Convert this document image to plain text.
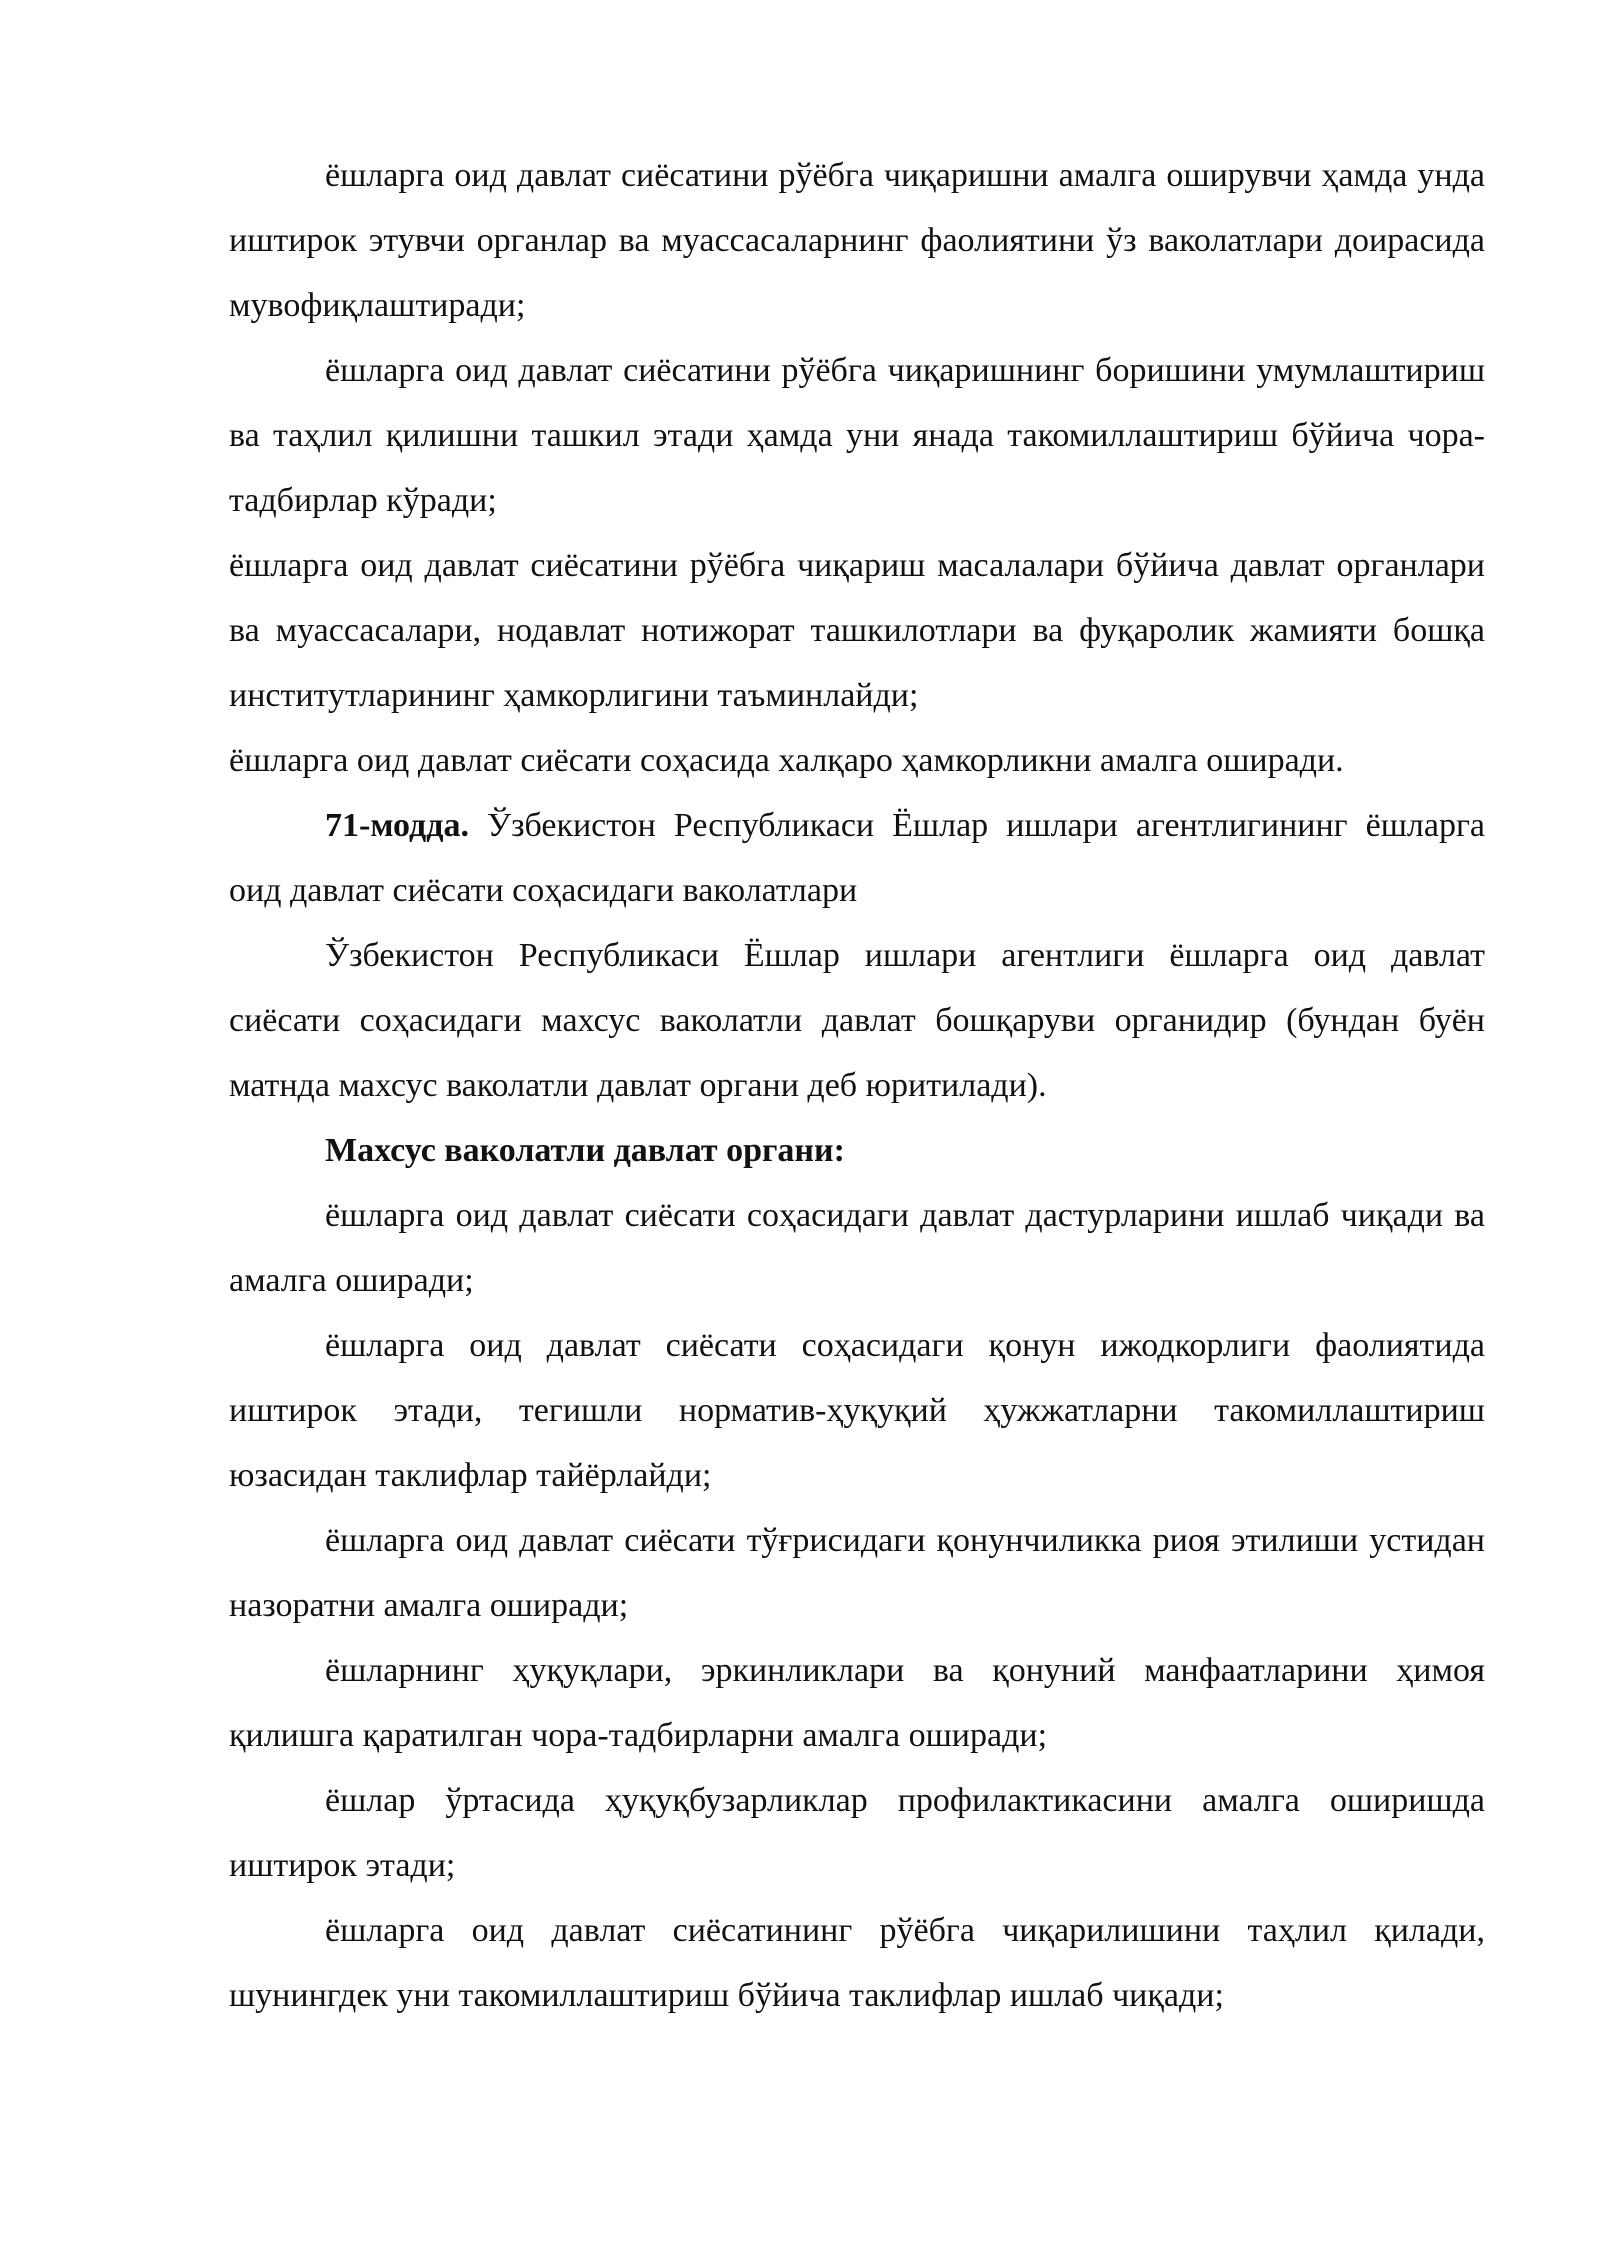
ёшларга оид давлат сиёсатини рўёбга чиқаришни амалга оширувчи ҳамда унда иштирок этувчи органлар ва муассасаларнинг фаолиятини ўз ваколатлари доирасида мувофиқлаштиради;

ёшларга оид давлат сиёсатини рўёбга чиқаришнинг боришини умумлаштириш ва таҳлил қилишни ташкил этади ҳамда уни янада такомиллаштириш бўйича чора-тадбирлар кўради;

ёшларга оид давлат сиёсатини рўёбга чиқариш масалалари бўйича давлат органлари ва муассасалари, нодавлат нотижорат ташкилотлари ва фуқаролик жамияти бошқа институтларининг ҳамкорлигини таъминлайди;

ёшларга оид давлат сиёсати соҳасида халқаро ҳамкорликни амалга оширади.

71-модда. Ўзбекистон Республикаси Ёшлар ишлари агентлигининг ёшларга оид давлат сиёсати соҳасидаги ваколатлари

Ўзбекистон Республикаси Ёшлар ишлари агентлиги ёшларга оид давлат сиёсати соҳасидаги махсус ваколатли давлат бошқаруви органидир (бундан буён матнда махсус ваколатли давлат органи деб юритилади).

Махсус ваколатли давлат органи:

ёшларга оид давлат сиёсати соҳасидаги давлат дастурларини ишлаб чиқади ва амалга оширади;

ёшларга оид давлат сиёсати соҳасидаги қонун ижодкорлиги фаолиятида иштирок этади, тегишли норматив-ҳуқуқий ҳужжатларни такомиллаштириш юзасидан таклифлар тайёрлайди;

ёшларга оид давлат сиёсати тўғрисидаги қонунчиликка риоя этилиши устидан назоратни амалга оширади;

ёшларнинг ҳуқуқлари, эркинликлари ва қонуний манфаатларини ҳимоя қилишга қаратилган чора-тадбирларни амалга оширади;

ёшлар ўртасида ҳуқуқбузарликлар профилактикасини амалга оширишда иштирок этади;

ёшларга оид давлат сиёсатининг рўёбга чиқарилишини таҳлил қилади, шунингдек уни такомиллаштириш бўйича таклифлар ишлаб чиқади;
